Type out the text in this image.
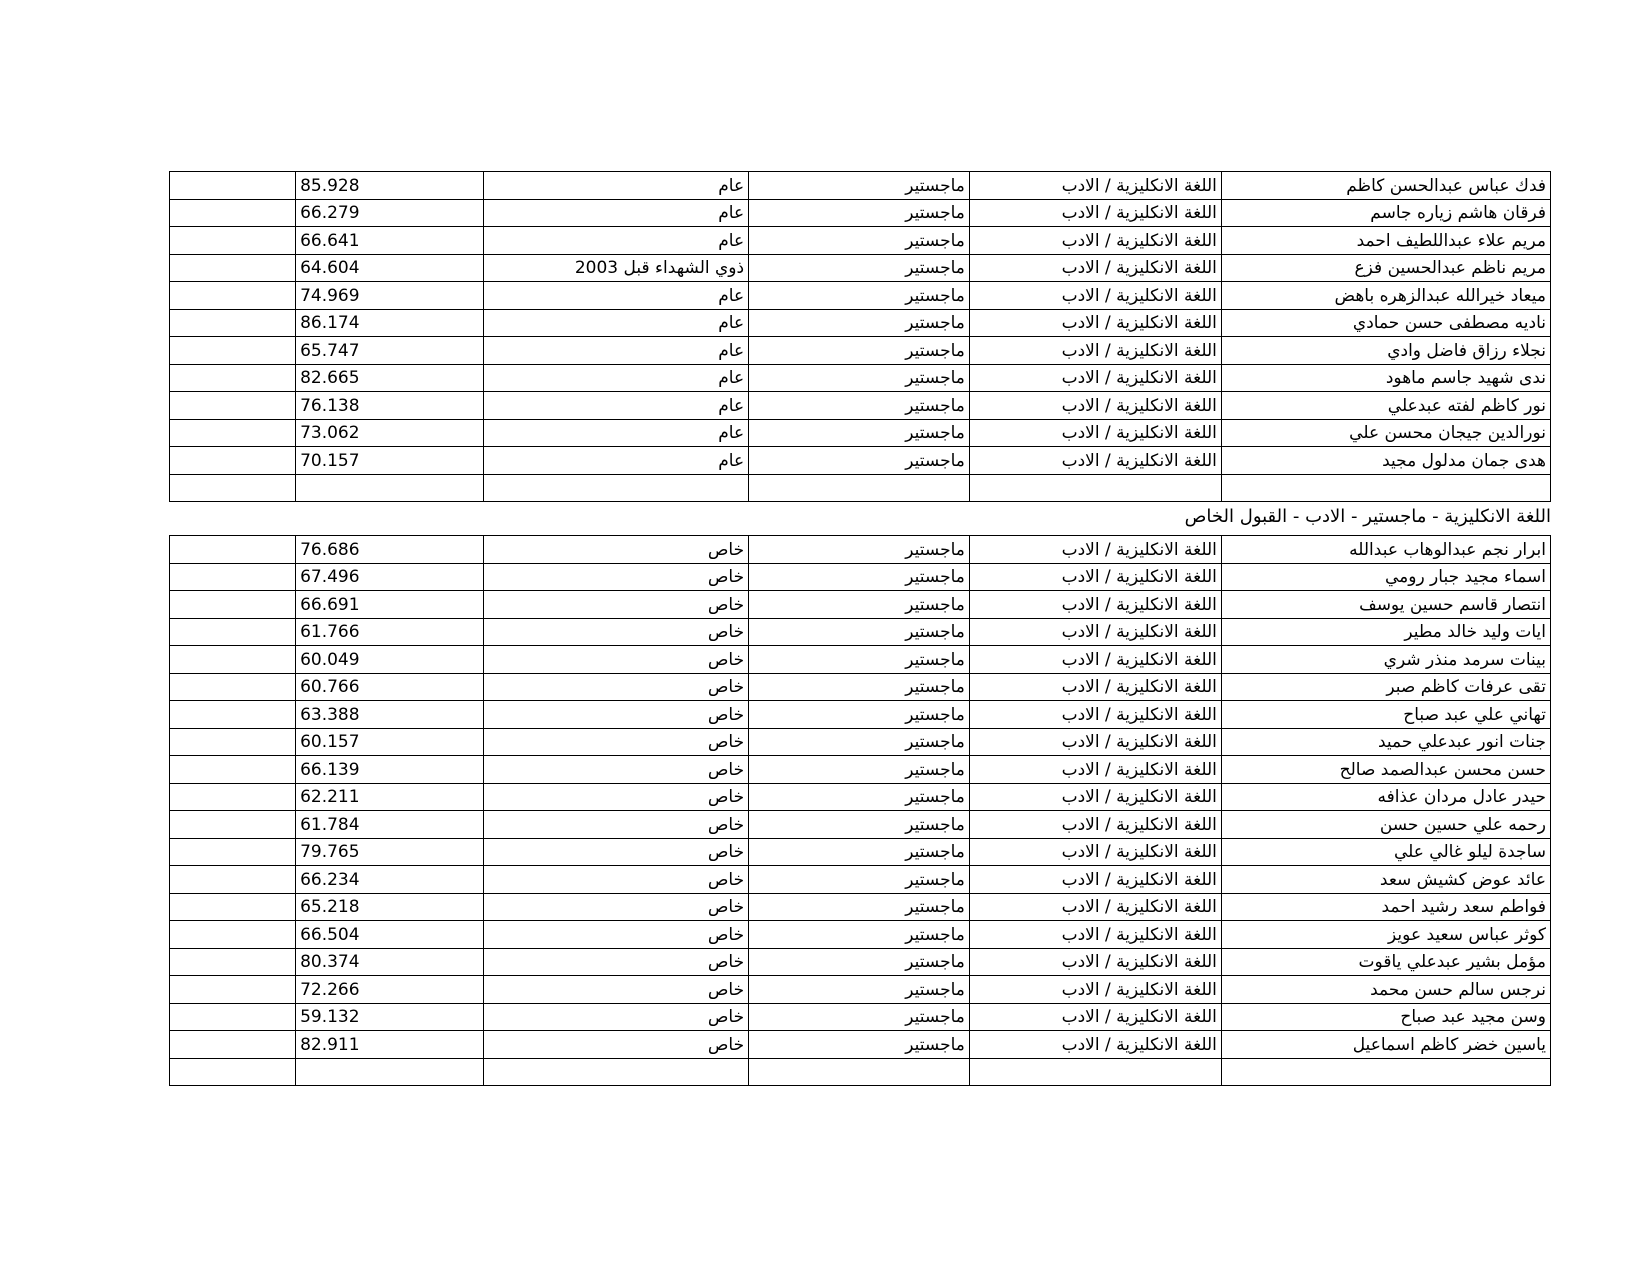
فدك عباس عبدالحسن كاظم	اللغة الانكليزية / الادب	ماجستير	عام	85.928	
فرقان هاشم زياره جاسم	اللغة الانكليزية / الادب	ماجستير	عام	66.279	
مريم علاء عبداللطيف احمد	اللغة الانكليزية / الادب	ماجستير	عام	66.641	
مريم ناظم عبدالحسين فزع	اللغة الانكليزية / الادب	ماجستير	ذوي الشهداء قبل 2003	64.604	
ميعاد خيرالله عبدالزهره باهض	اللغة الانكليزية / الادب	ماجستير	عام	74.969	
ناديه مصطفى حسن حمادي	اللغة الانكليزية / الادب	ماجستير	عام	86.174	
نجلاء رزاق فاضل وادي	اللغة الانكليزية / الادب	ماجستير	عام	65.747	
ندى شهيد جاسم ماهود	اللغة الانكليزية / الادب	ماجستير	عام	82.665	
نور كاظم لفته عبدعلي	اللغة الانكليزية / الادب	ماجستير	عام	76.138	
نورالدين جيجان محسن علي	اللغة الانكليزية / الادب	ماجستير	عام	73.062	
هدى جمان مدلول مجيد	اللغة الانكليزية / الادب	ماجستير	عام	70.157	

اللغة الانكليزية - ماجستير - الادب - القبول الخاص
ابرار نجم عبدالوهاب عبدالله	اللغة الانكليزية / الادب	ماجستير	خاص	76.686	
اسماء مجيد جبار رومي	اللغة الانكليزية / الادب	ماجستير	خاص	67.496	
انتصار قاسم حسين يوسف	اللغة الانكليزية / الادب	ماجستير	خاص	66.691	
ايات وليد خالد مطير	اللغة الانكليزية / الادب	ماجستير	خاص	61.766	
بينات سرمد منذر شري	اللغة الانكليزية / الادب	ماجستير	خاص	60.049	
تقى عرفات كاظم صبر	اللغة الانكليزية / الادب	ماجستير	خاص	60.766	
تهاني علي عبد صباح	اللغة الانكليزية / الادب	ماجستير	خاص	63.388	
جنات انور عبدعلي حميد	اللغة الانكليزية / الادب	ماجستير	خاص	60.157	
حسن محسن عبدالصمد صالح	اللغة الانكليزية / الادب	ماجستير	خاص	66.139	
حيدر عادل مردان عذافه	اللغة الانكليزية / الادب	ماجستير	خاص	62.211	
رحمه علي حسين حسن	اللغة الانكليزية / الادب	ماجستير	خاص	61.784	
ساجدة ليلو غالي علي	اللغة الانكليزية / الادب	ماجستير	خاص	79.765	
عائد عوض كشيش سعد	اللغة الانكليزية / الادب	ماجستير	خاص	66.234	
فواطم سعد رشيد احمد	اللغة الانكليزية / الادب	ماجستير	خاص	65.218	
كوثر عباس سعيد عويز	اللغة الانكليزية / الادب	ماجستير	خاص	66.504	
مؤمل بشير عبدعلي ياقوت	اللغة الانكليزية / الادب	ماجستير	خاص	80.374	
نرجس سالم حسن محمد	اللغة الانكليزية / الادب	ماجستير	خاص	72.266	
وسن مجيد عبد صباح	اللغة الانكليزية / الادب	ماجستير	خاص	59.132	
ياسين خضر كاظم اسماعيل	اللغة الانكليزية / الادب	ماجستير	خاص	82.911	
